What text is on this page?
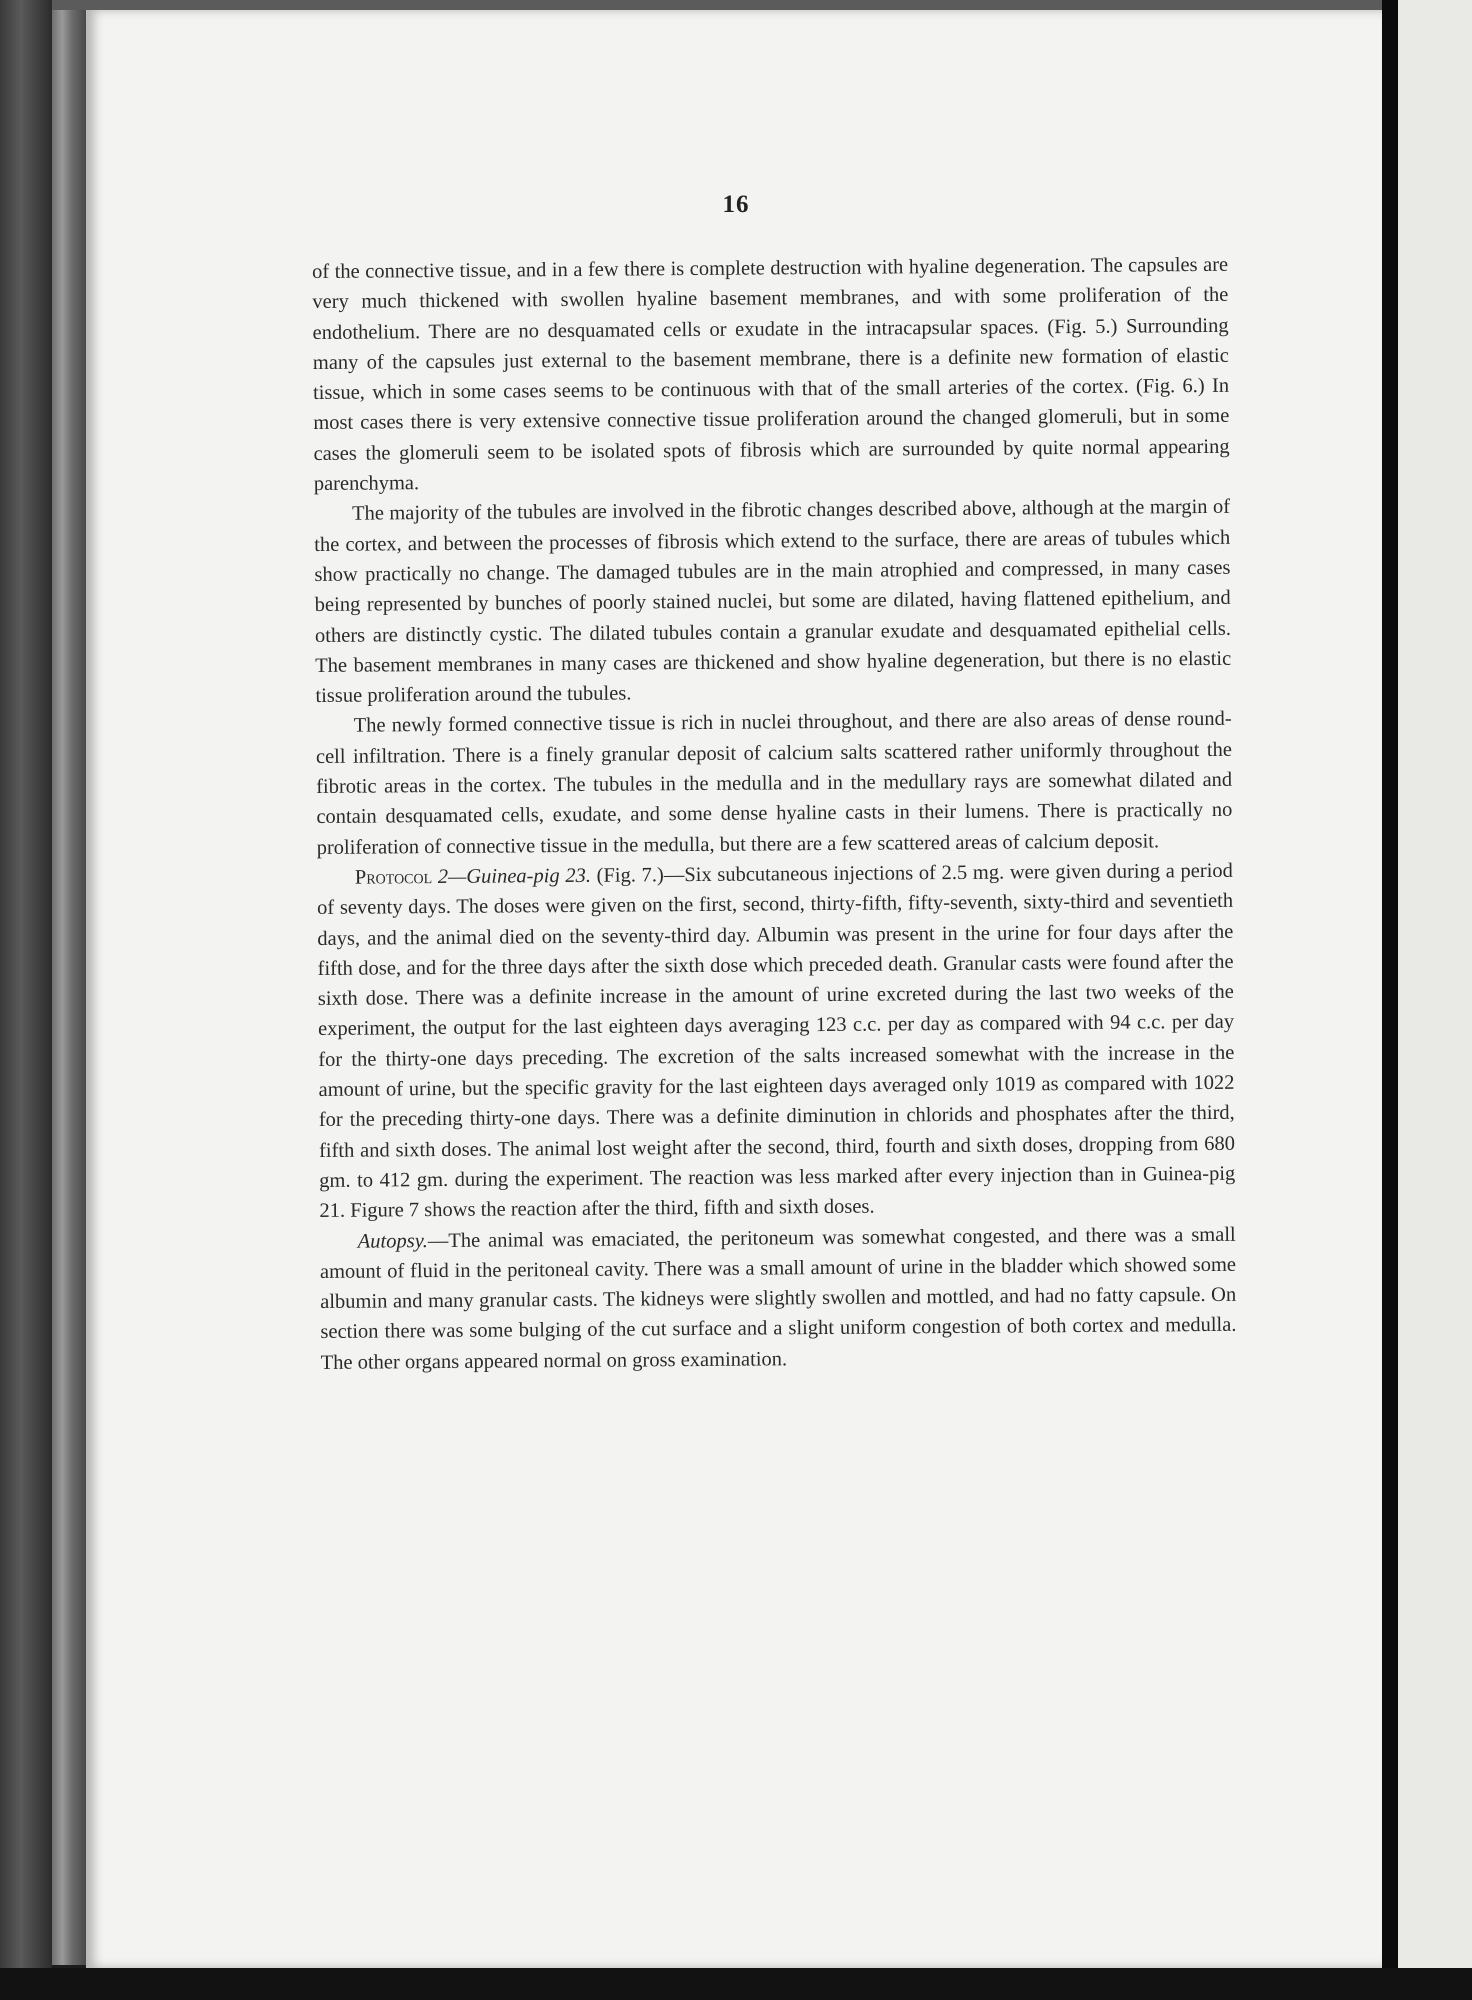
16

of the connective tissue, and in a few there is complete destruction with hyaline degeneration. The capsules are very much thickened with swollen hyaline basement membranes, and with some proliferation of the endothelium. There are no desquamated cells or exudate in the intracapsular spaces. (Fig. 5.) Surrounding many of the capsules just external to the basement membrane, there is a definite new formation of elastic tissue, which in some cases seems to be continuous with that of the small arteries of the cortex. (Fig. 6.) In most cases there is very extensive connective tissue proliferation around the changed glomeruli, but in some cases the glomeruli seem to be isolated spots of fibrosis which are surrounded by quite normal appearing parenchyma.

The majority of the tubules are involved in the fibrotic changes described above, although at the margin of the cortex, and between the processes of fibrosis which extend to the surface, there are areas of tubules which show practically no change. The damaged tubules are in the main atrophied and compressed, in many cases being represented by bunches of poorly stained nuclei, but some are dilated, having flattened epithelium, and others are distinctly cystic. The dilated tubules contain a granular exudate and desquamated epithelial cells. The basement membranes in many cases are thickened and show hyaline degeneration, but there is no elastic tissue proliferation around the tubules.

The newly formed connective tissue is rich in nuclei throughout, and there are also areas of dense round-cell infiltration. There is a finely granular deposit of calcium salts scattered rather uniformly throughout the fibrotic areas in the cortex. The tubules in the medulla and in the medullary rays are somewhat dilated and contain desquamated cells, exudate, and some dense hyaline casts in their lumens. There is practically no proliferation of connective tissue in the medulla, but there are a few scattered areas of calcium deposit.

Protocol 2—Guinea-pig 23. (Fig. 7.)—Six subcutaneous injections of 2.5 mg. were given during a period of seventy days. The doses were given on the first, second, thirty-fifth, fifty-seventh, sixty-third and seventieth days, and the animal died on the seventy-third day. Albumin was present in the urine for four days after the fifth dose, and for the three days after the sixth dose which preceded death. Granular casts were found after the sixth dose. There was a definite increase in the amount of urine excreted during the last two weeks of the experiment, the output for the last eighteen days averaging 123 c.c. per day as compared with 94 c.c. per day for the thirty-one days preceding. The excretion of the salts increased somewhat with the increase in the amount of urine, but the specific gravity for the last eighteen days averaged only 1019 as compared with 1022 for the preceding thirty-one days. There was a definite diminution in chlorids and phosphates after the third, fifth and sixth doses. The animal lost weight after the second, third, fourth and sixth doses, dropping from 680 gm. to 412 gm. during the experiment. The reaction was less marked after every injection than in Guinea-pig 21. Figure 7 shows the reaction after the third, fifth and sixth doses.

Autopsy.—The animal was emaciated, the peritoneum was somewhat congested, and there was a small amount of fluid in the peritoneal cavity. There was a small amount of urine in the bladder which showed some albumin and many granular casts. The kidneys were slightly swollen and mottled, and had no fatty capsule. On section there was some bulging of the cut surface and a slight uniform congestion of both cortex and medulla. The other organs appeared normal on gross examination.
